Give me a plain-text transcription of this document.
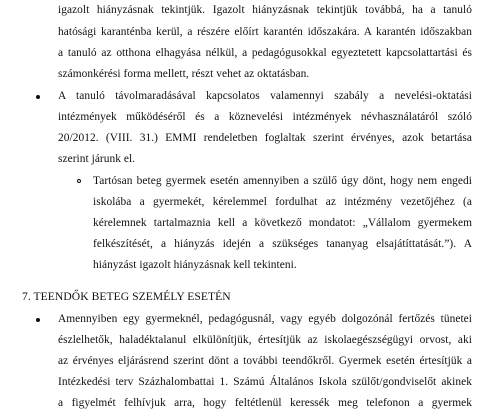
igazolt hiányzásnak tekintjük. Igazolt hiányzásnak tekintjük továbbá, ha a tanuló
hatósági karanténba kerül, a részére előírt karantén időszakára. A karantén időszakban
a tanuló az otthona elhagyása nélkül, a pedagógusokkal egyeztetett kapcsolattartási és
számonkérési forma mellett, részt vehet az oktatásban.
A tanuló távolmaradásával kapcsolatos valamennyi szabály a nevelési-oktatási
intézmények működéséről és a köznevelési intézmények névhasználatáról szóló
20/2012. (VIII. 31.) EMMI rendeletben foglaltak szerint érvényes, azok betartása
szerint járunk el.
Tartósan beteg gyermek esetén amennyiben a szülő úgy dönt, hogy nem engedi
iskolába a gyermekét, kérelemmel fordulhat az intézmény vezetőjéhez (a
kérelemnek tartalmaznia kell a következő mondatot: „Vállalom gyermekem
felkészítését, a hiányzás idején a szükséges tananyag elsajátíttatását.”). A
hiányzást igazolt hiányzásnak kell tekinteni.
7. TEENDŐK BETEG SZEMÉLY ESETÉN
Amennyiben egy gyermeknél, pedagógusnál, vagy egyéb dolgozónál fertőzés tünetei
észlelhetők, haladéktalanul elkülönítjük, értesítjük az iskolaegészségügyi orvost, aki
az érvényes eljárásrend szerint dönt a további teendőkről. Gyermek esetén értesítjük a
Intézkedési terv Százhalombattai 1. Számú Általános Iskola szülőt/gondviselőt akinek
a figyelmét felhívjuk arra, hogy feltétlenül keressék meg telefonon a gyermek
